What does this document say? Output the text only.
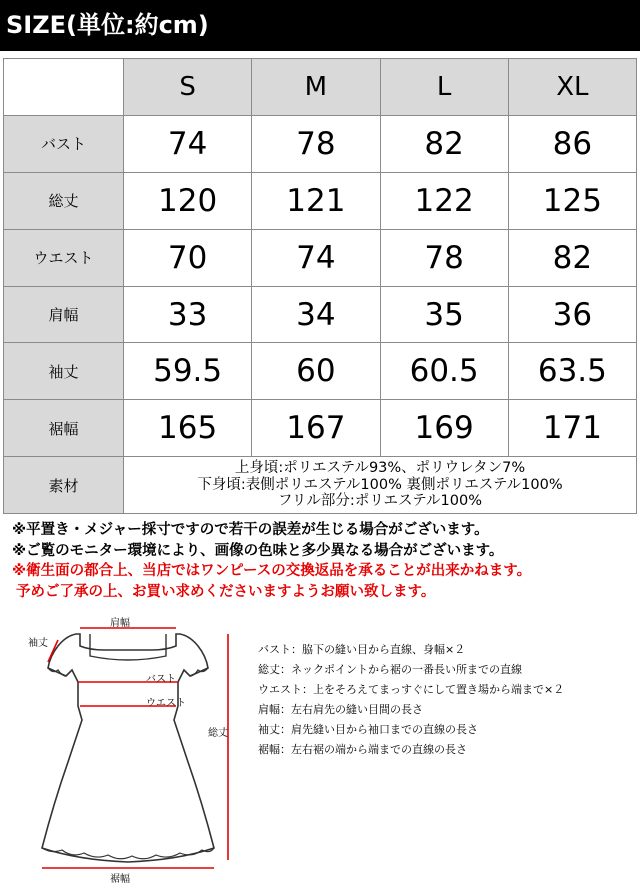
SIZE(単位:約cm)
	S	M	L	XL
バスト	74	78	82	86
総丈	120	121	122	125
ウエスト	70	74	78	82
肩幅	33	34	35	36
袖丈	59.5	60	60.5	63.5
裾幅	165	167	169	171
素材	上身頃:ポリエステル93%、ポリウレタン7%
下身頃:表側ポリエステル100% 裏側ポリエステル100%
フリル部分:ポリエステル100%			
※平置き・メジャー採寸ですので若干の誤差が生じる場合がございます。
※ご覧のモニター環境により、画像の色味と多少異なる場合がございます。
※衛生面の都合上、当店ではワンピースの交換返品を承ることが出来かねます。
予めご了承の上、お買い求めくださいますようお願い致します。
肩幅
袖丈
バスト
ウエスト
総丈
裾幅
バスト：脇下の縫い目から直線、身幅×２
総丈：ネックポイントから裾の一番長い所までの直線
ウエスト：上をそろえてまっすぐにして置き場から端まで×２
肩幅：左右肩先の縫い目間の長さ
袖丈：肩先縫い目から袖口までの直線の長さ
裾幅：左右裾の端から端までの直線の長さ
